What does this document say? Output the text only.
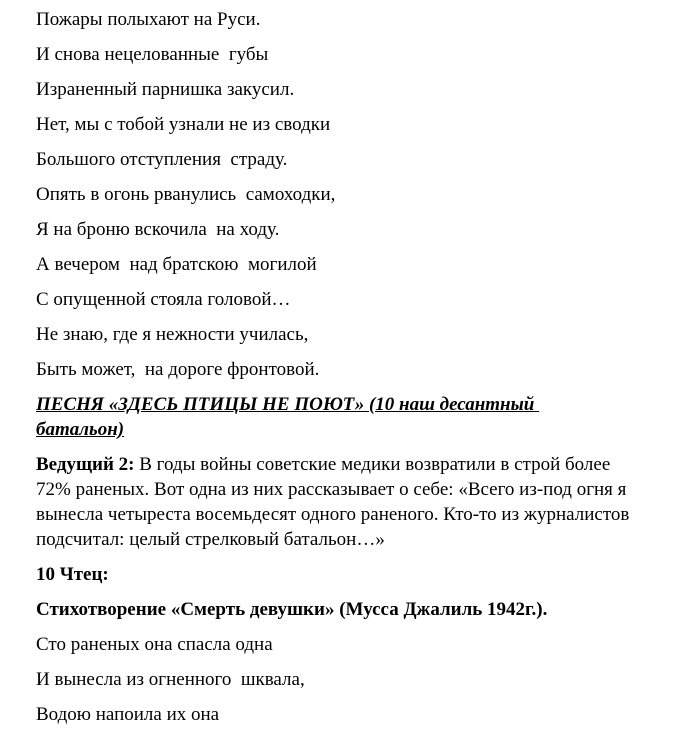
Пожары полыхают на Руси.

И снова нецелованные  губы

Израненный парнишка закусил.

Нет, мы с тобой узнали не из сводки

Большого отступления  страду.

Опять в огонь рванулись  самоходки,

Я на броню вскочила  на ходу.

А вечером  над братскою  могилой

С опущенной стояла головой…

Не знаю, где я нежности училась,

Быть может,  на дороге фронтовой.

ПЕСНЯ «ЗДЕСЬ ПТИЦЫ НЕ ПОЮТ» (10 наш десантный батальон)

Ведущий 2: В годы войны советские медики возвратили в строй более 72% раненых. Вот одна из них рассказывает о себе: «Всего из-под огня я вынесла четыреста восемьдесят одного раненого. Кто-то из журналистов подсчитал: целый стрелковый батальон…»

10 Чтец:

Стихотворение «Смерть девушки» (Мусса Джалиль 1942г.).

Сто раненых она спасла одна

И вынесла из огненного  шквала,

Водою напоила их она
